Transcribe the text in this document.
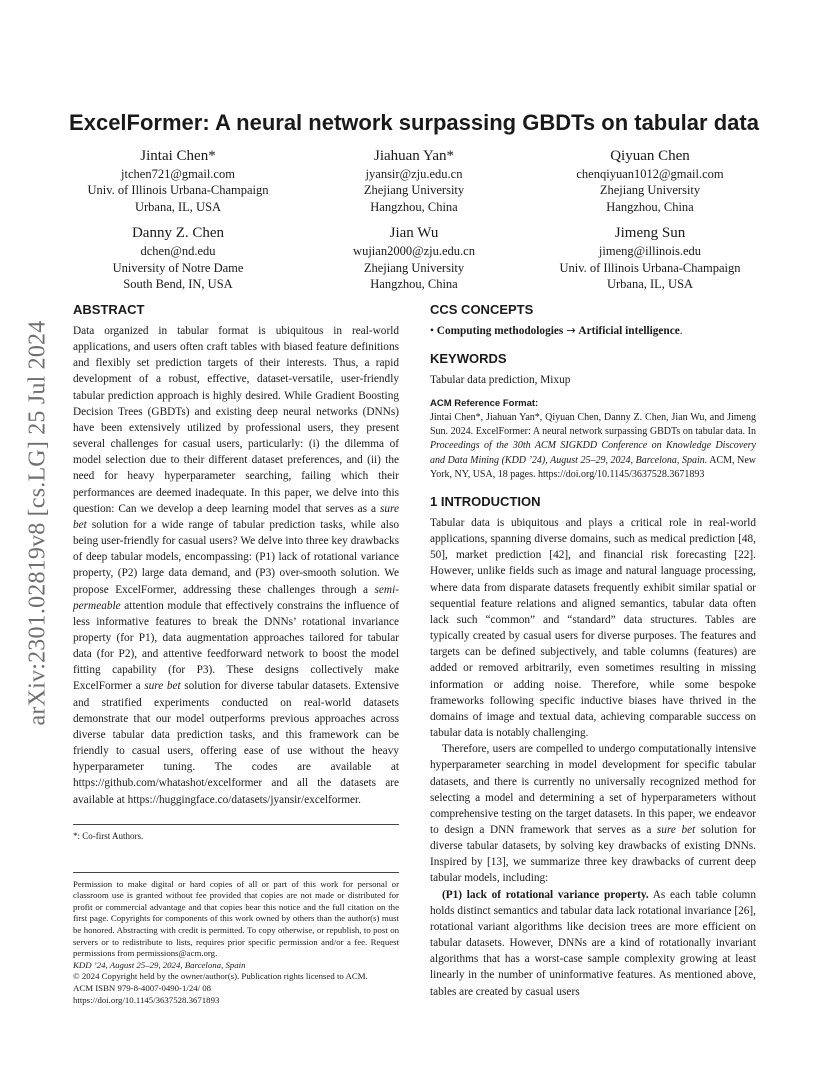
arXiv:2301.02819v8 [cs.LG] 25 Jul 2024
ExcelFormer: A neural network surpassing GBDTs on tabular data
Jintai Chen*
jtchen721@gmail.com
Univ. of Illinois Urbana-Champaign
Urbana, IL, USA
Jiahuan Yan*
jyansir@zju.edu.cn
Zhejiang University
Hangzhou, China
Qiyuan Chen
chenqiyuan1012@gmail.com
Zhejiang University
Hangzhou, China
Danny Z. Chen
dchen@nd.edu
University of Notre Dame
South Bend, IN, USA
Jian Wu
wujian2000@zju.edu.cn
Zhejiang University
Hangzhou, China
Jimeng Sun
jimeng@illinois.edu
Univ. of Illinois Urbana-Champaign
Urbana, IL, USA
ABSTRACT
Data organized in tabular format is ubiquitous in real-world applications, and users often craft tables with biased feature definitions and flexibly set prediction targets of their interests. Thus, a rapid development of a robust, effective, dataset-versatile, user-friendly tabular prediction approach is highly desired. While Gradient Boosting Decision Trees (GBDTs) and existing deep neural networks (DNNs) have been extensively utilized by professional users, they present several challenges for casual users, particularly: (i) the dilemma of model selection due to their different dataset preferences, and (ii) the need for heavy hyperparameter searching, failing which their performances are deemed inadequate. In this paper, we delve into this question: Can we develop a deep learning model that serves as a sure bet solution for a wide range of tabular prediction tasks, while also being user-friendly for casual users? We delve into three key drawbacks of deep tabular models, encompassing: (P1) lack of rotational variance property, (P2) large data demand, and (P3) over-smooth solution. We propose ExcelFormer, addressing these challenges through a semi-permeable attention module that effectively constrains the influence of less informative features to break the DNNs’ rotational invariance property (for P1), data augmentation approaches tailored for tabular data (for P2), and attentive feedforward network to boost the model fitting capability (for P3). These designs collectively make ExcelFormer a sure bet solution for diverse tabular datasets. Extensive and stratified experiments conducted on real-world datasets demonstrate that our model outperforms previous approaches across diverse tabular data prediction tasks, and this framework can be friendly to casual users, offering ease of use without the heavy hyperparameter tuning. The codes are available at https://github.com/whatashot/excelformer and all the datasets are available at https://huggingface.co/datasets/jyansir/excelformer.
*: Co-first Authors.
Permission to make digital or hard copies of all or part of this work for personal or classroom use is granted without fee provided that copies are not made or distributed for profit or commercial advantage and that copies bear this notice and the full citation on the first page. Copyrights for components of this work owned by others than the author(s) must be honored. Abstracting with credit is permitted. To copy otherwise, or republish, to post on servers or to redistribute to lists, requires prior specific permission and/or a fee. Request permissions from permissions@acm.org.
KDD ’24, August 25–29, 2024, Barcelona, Spain
© 2024 Copyright held by the owner/author(s). Publication rights licensed to ACM.
ACM ISBN 979-8-4007-0490-1/24/ 08
https://doi.org/10.1145/3637528.3671893
CCS CONCEPTS
• Computing methodologies → Artificial intelligence.
KEYWORDS
Tabular data prediction, Mixup
ACM Reference Format:
Jintai Chen*, Jiahuan Yan*, Qiyuan Chen, Danny Z. Chen, Jian Wu, and Jimeng Sun. 2024. ExcelFormer: A neural network surpassing GBDTs on tabular data. In Proceedings of the 30th ACM SIGKDD Conference on Knowledge Discovery and Data Mining (KDD ’24), August 25–29, 2024, Barcelona, Spain. ACM, New York, NY, USA, 18 pages. https://doi.org/10.1145/3637528.3671893
1 INTRODUCTION

Tabular data is ubiquitous and plays a critical role in real-world applications, spanning diverse domains, such as medical prediction [48, 50], market prediction [42], and financial risk forecasting [22]. However, unlike fields such as image and natural language processing, where data from disparate datasets frequently exhibit similar spatial or sequential feature relations and aligned semantics, tabular data often lack such “common” and “standard” data structures. Tables are typically created by casual users for diverse purposes. The features and targets can be defined subjectively, and table columns (features) are added or removed arbitrarily, even sometimes resulting in missing information or adding noise. Therefore, while some bespoke frameworks following specific inductive biases have thrived in the domains of image and textual data, achieving comparable success on tabular data is notably challenging.

Therefore, users are compelled to undergo computationally intensive hyperparameter searching in model development for specific tabular datasets, and there is currently no universally recognized method for selecting a model and determining a set of hyperparameters without comprehensive testing on the target datasets. In this paper, we endeavor to design a DNN framework that serves as a sure bet solution for diverse tabular datasets, by solving key drawbacks of existing DNNs. Inspired by [13], we summarize three key drawbacks of current deep tabular models, including:

(P1) lack of rotational variance property. As each table column holds distinct semantics and tabular data lack rotational invariance [26], rotational variant algorithms like decision trees are more efficient on tabular datasets. However, DNNs are a kind of rotationally invariant algorithms that has a worst-case sample complexity growing at least linearly in the number of uninformative features. As mentioned above, tables are created by casual users
